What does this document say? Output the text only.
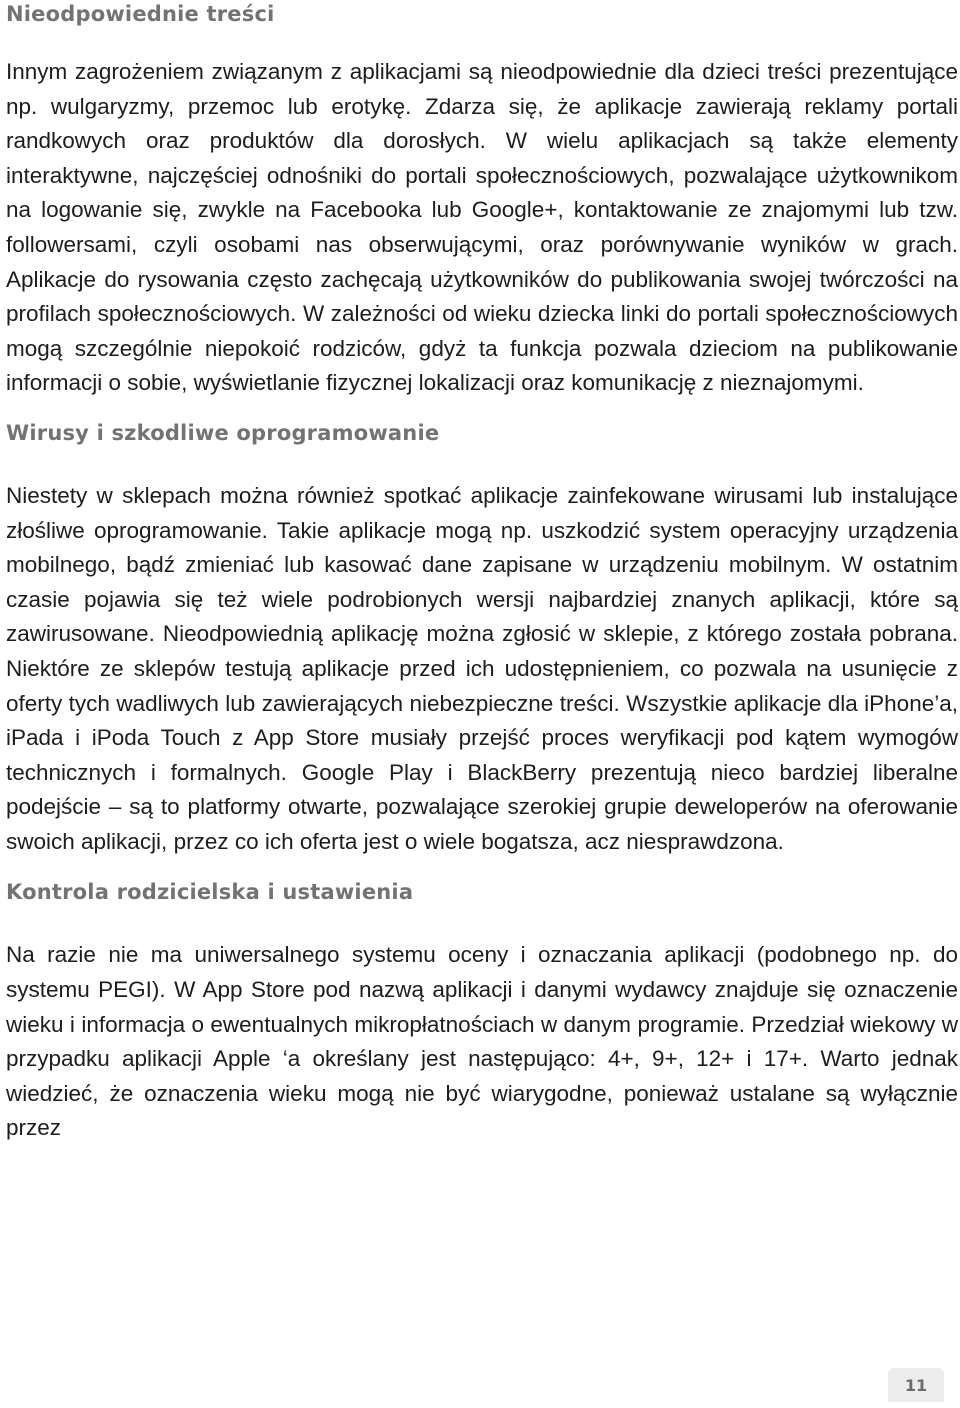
Nieodpowiednie treści

Innym zagrożeniem związanym z aplikacjami są nieodpowiednie dla dzieci treści prezentujące np. wulgaryzmy, przemoc lub erotykę. Zdarza się, że aplikacje zawierają reklamy portali randkowych oraz produktów dla dorosłych. W wielu aplikacjach są także elementy interaktywne, najczęściej odnośniki do portali społecznościowych, pozwalające użytkownikom na logowanie się, zwykle na Facebooka lub Google+, kontaktowanie ze znajomymi lub tzw. followersami, czyli osobami nas obserwującymi, oraz porównywanie wyników w grach. Aplikacje do rysowania często zachęcają użytkowników do publikowania swojej twórczości na profilach społecznościowych. W zależności od wieku dziecka linki do portali społecznościowych mogą szczególnie niepokoić rodziców, gdyż ta funkcja pozwala dzieciom na publikowanie informacji o sobie, wyświetlanie fizycznej lokalizacji oraz komunikację z nieznajomymi.

Wirusy i szkodliwe oprogramowanie

Niestety w sklepach można również spotkać aplikacje zainfekowane wirusami lub instalujące złośliwe oprogramowanie. Takie aplikacje mogą np. uszkodzić system operacyjny urządzenia mobilnego, bądź zmieniać lub kasować dane zapisane w urządzeniu mobilnym. W ostatnim czasie pojawia się też wiele podrobionych wersji najbardziej znanych aplikacji, które są zawirusowane. Nieodpowiednią aplikację można zgłosić w sklepie, z którego została pobrana. Niektóre ze sklepów testują aplikacje przed ich udostępnieniem, co pozwala na usunięcie z oferty tych wadliwych lub zawierających niebezpieczne treści. Wszystkie aplikacje dla iPhone’a, iPada i iPoda Touch z App Store musiały przejść proces weryfikacji pod kątem wymogów technicznych i formalnych. Google Play i BlackBerry prezentują nieco bardziej liberalne podejście – są to platformy otwarte, pozwalające szerokiej grupie deweloperów na oferowanie swoich aplikacji, przez co ich oferta jest o wiele bogatsza, acz niesprawdzona.

Kontrola rodzicielska i ustawienia

Na razie nie ma uniwersalnego systemu oceny i oznaczania aplikacji (podobnego np. do systemu PEGI). W App Store pod nazwą aplikacji i danymi wydawcy znajduje się oznaczenie wieku i informacja o ewentualnych mikropłatnościach w danym programie. Przedział wiekowy w przypadku aplikacji Apple ‘a określany jest następująco: 4+, 9+, 12+ i 17+. Warto jednak wiedzieć, że oznaczenia wieku mogą nie być wiarygodne, ponieważ ustalane są wyłącznie przez

11
